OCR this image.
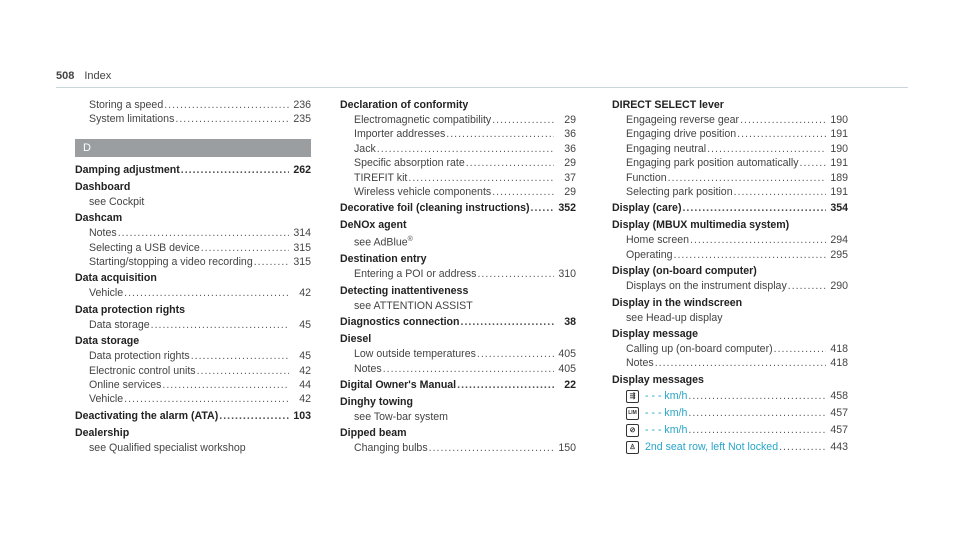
508 Index
Storing a speed .....	236
System limitations .....	235
D
Damping adjustment .....	262
Dashboard
see Cockpit
Dashcam
Notes .....	314
Selecting a USB device .....	315
Starting/stopping a video recording .....	315
Data acquisition
Vehicle .....	42
Data protection rights
Data storage .....	45
Data storage
Data protection rights .....	45
Electronic control units .....	42
Online services .....	44
Vehicle .....	42
Deactivating the alarm (ATA) .....	103
Dealership
see Qualified specialist workshop
Declaration of conformity
Electromagnetic compatibility .....	29
Importer addresses .....	36
Jack .....	36
Specific absorption rate .....	29
TIREFIT kit .....	37
Wireless vehicle components .....	29
Decorative foil (cleaning instructions) .....	352
DeNOx agent
see AdBlue®
Destination entry
Entering a POI or address .....	310
Detecting inattentiveness
see ATTENTION ASSIST
Diagnostics connection .....	38
Diesel
Low outside temperatures .....	405
Notes .....	405
Digital Owner's Manual .....	22
Dinghy towing
see Tow-bar system
Dipped beam
Changing bulbs .....	150
DIRECT SELECT lever
Engageing reverse gear .....	190
Engaging drive position .....	191
Engaging neutral .....	190
Engaging park position automatically .....	191
Function .....	189
Selecting park position .....	191
Display (care) .....	354
Display (MBUX multimedia system)
Home screen .....	294
Operating .....	295
Display (on-board computer)
Displays on the instrument display .....	290
Display in the windscreen
see Head-up display
Display message
Calling up (on-board computer) .....	418
Notes .....	418
Display messages
⇶ - - - km/h .....	458
LIM - - - km/h .....	457
⊘ - - - km/h .....	457
♙ 2nd seat row, left Not locked .....	443
